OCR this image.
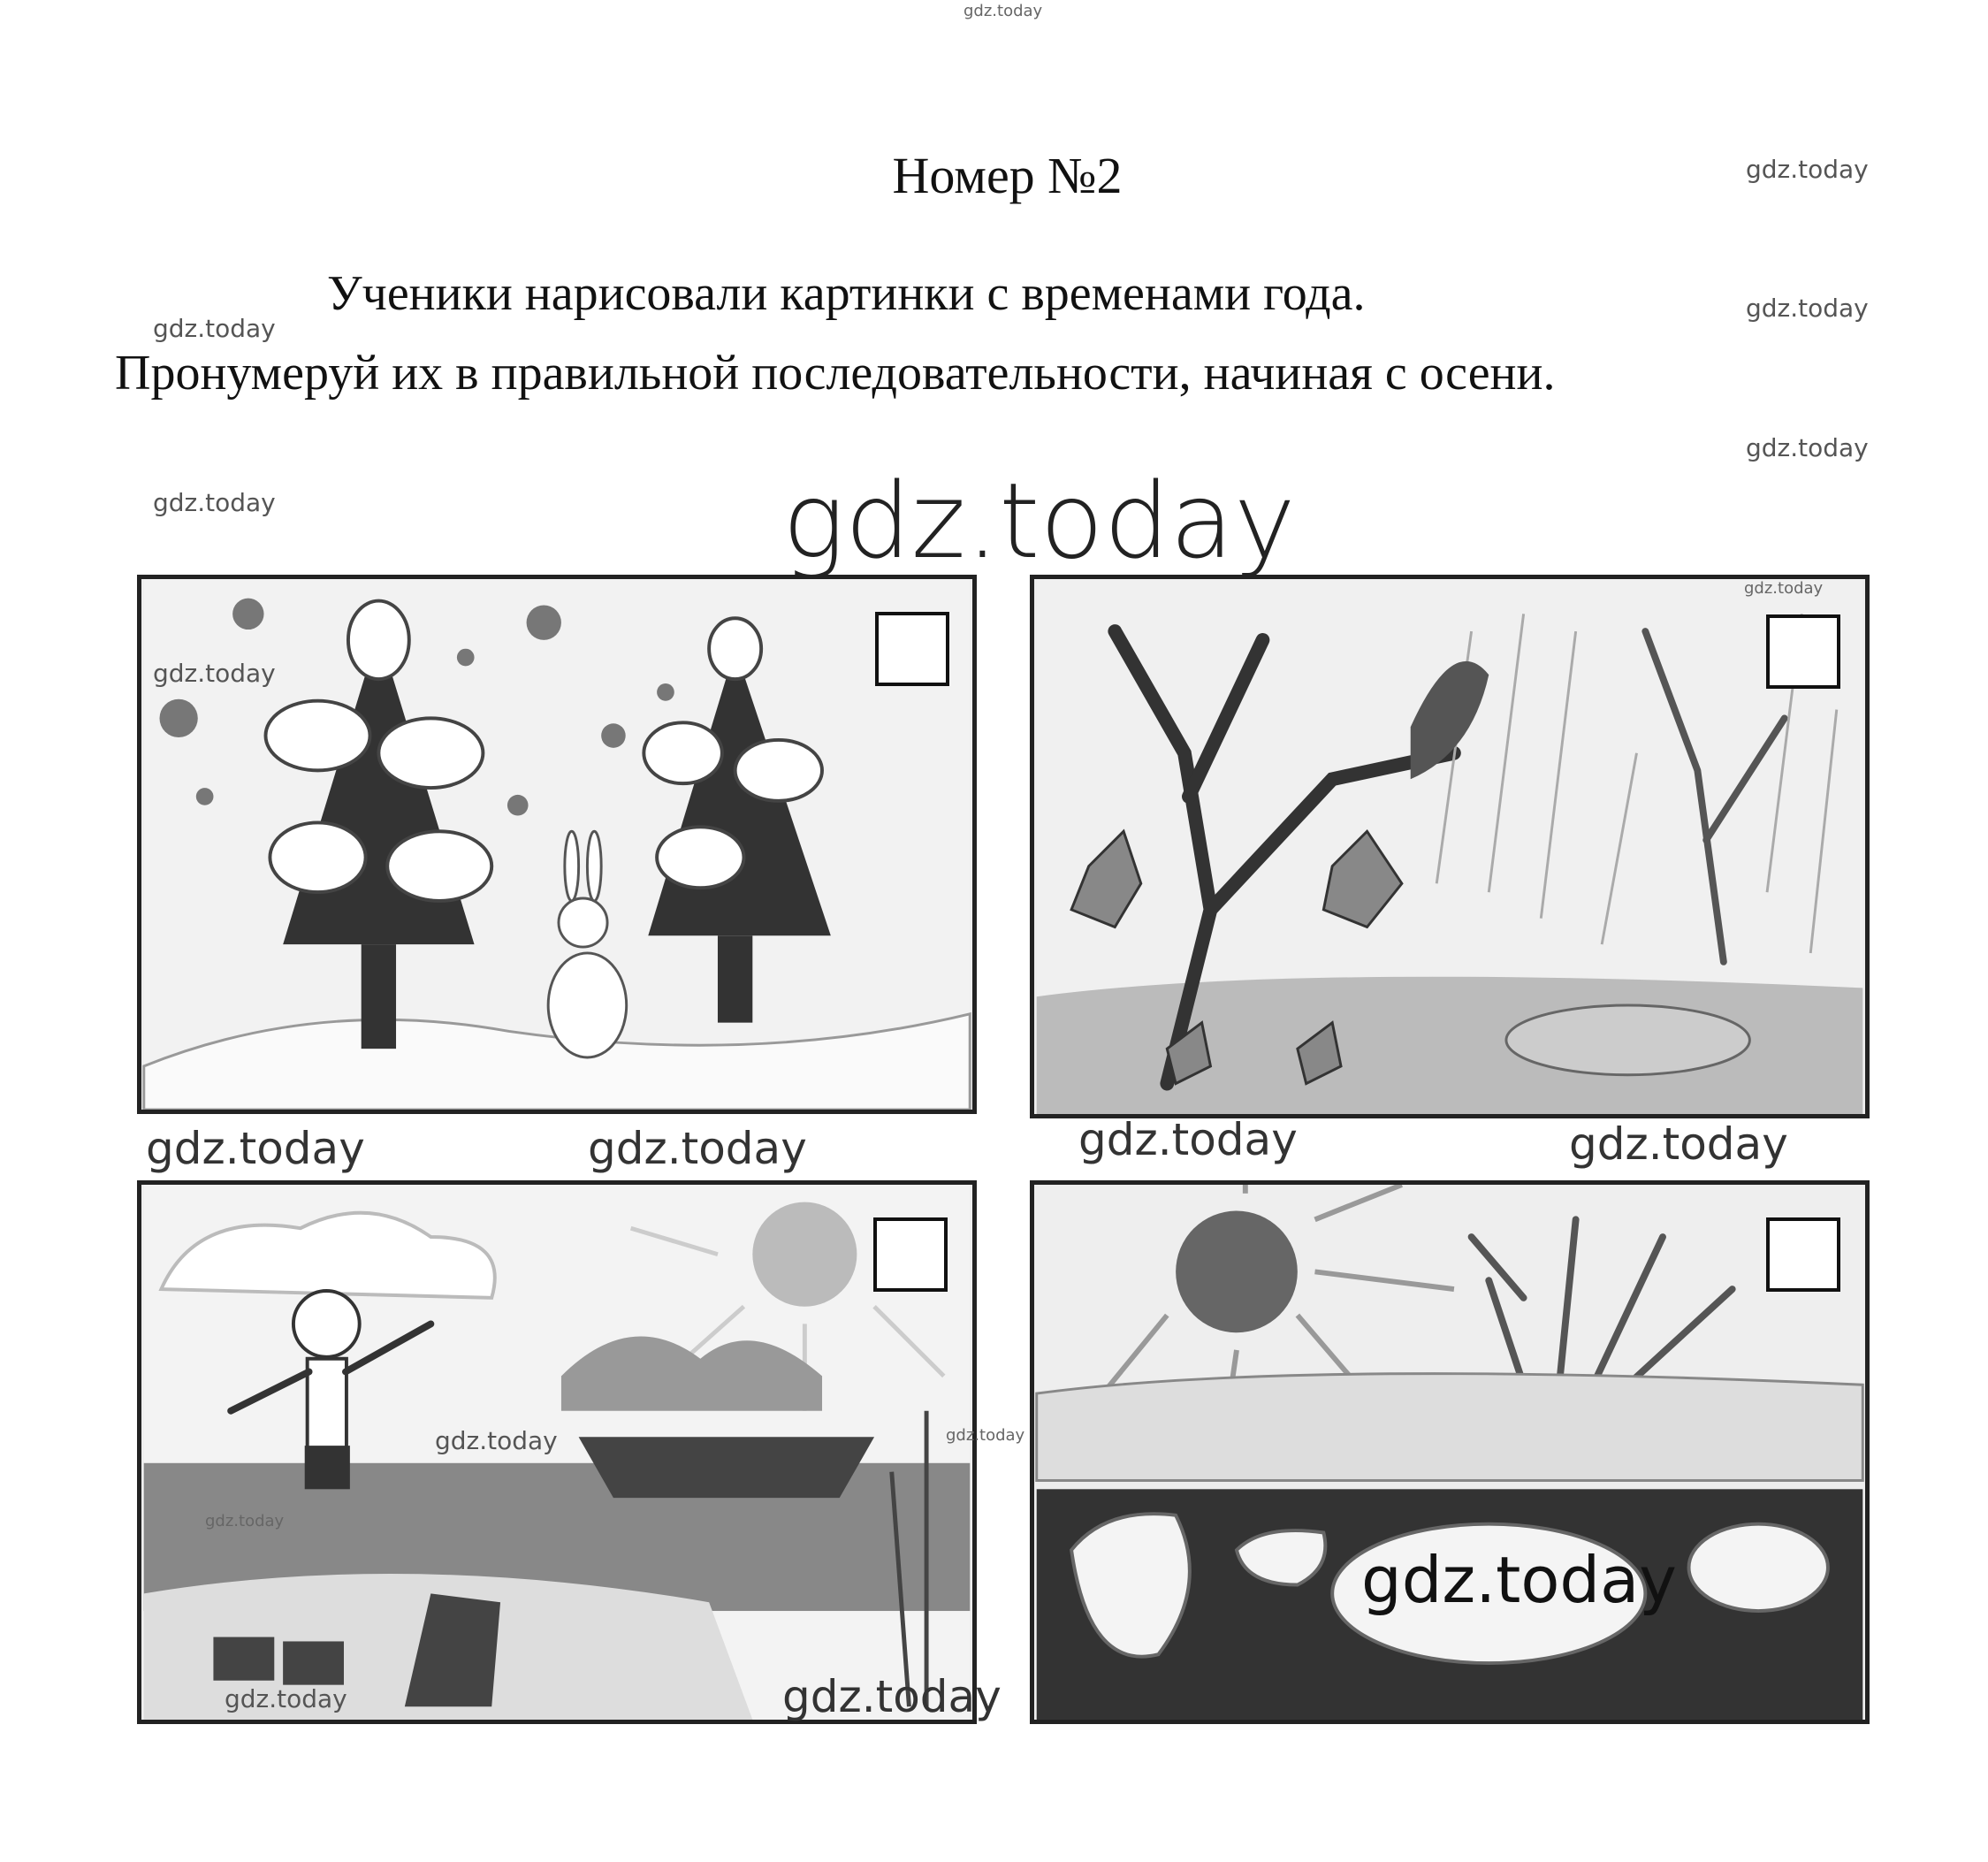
gdz.today
Номер №2
Ученики нарисовали картинки с временами года.
Пронумеруй их в правильной последовательности, начиная с осени.
gdz.today
gdz.today
gdz.today
gdz.today
gdz.today	gdz.today
gdz.today
gdz.today
gdz.today	gdz.today	gdz.today	gdz.today
gdz.today	gdz.today
gdz.today
gdz.today	gdz.today
gdz.today
